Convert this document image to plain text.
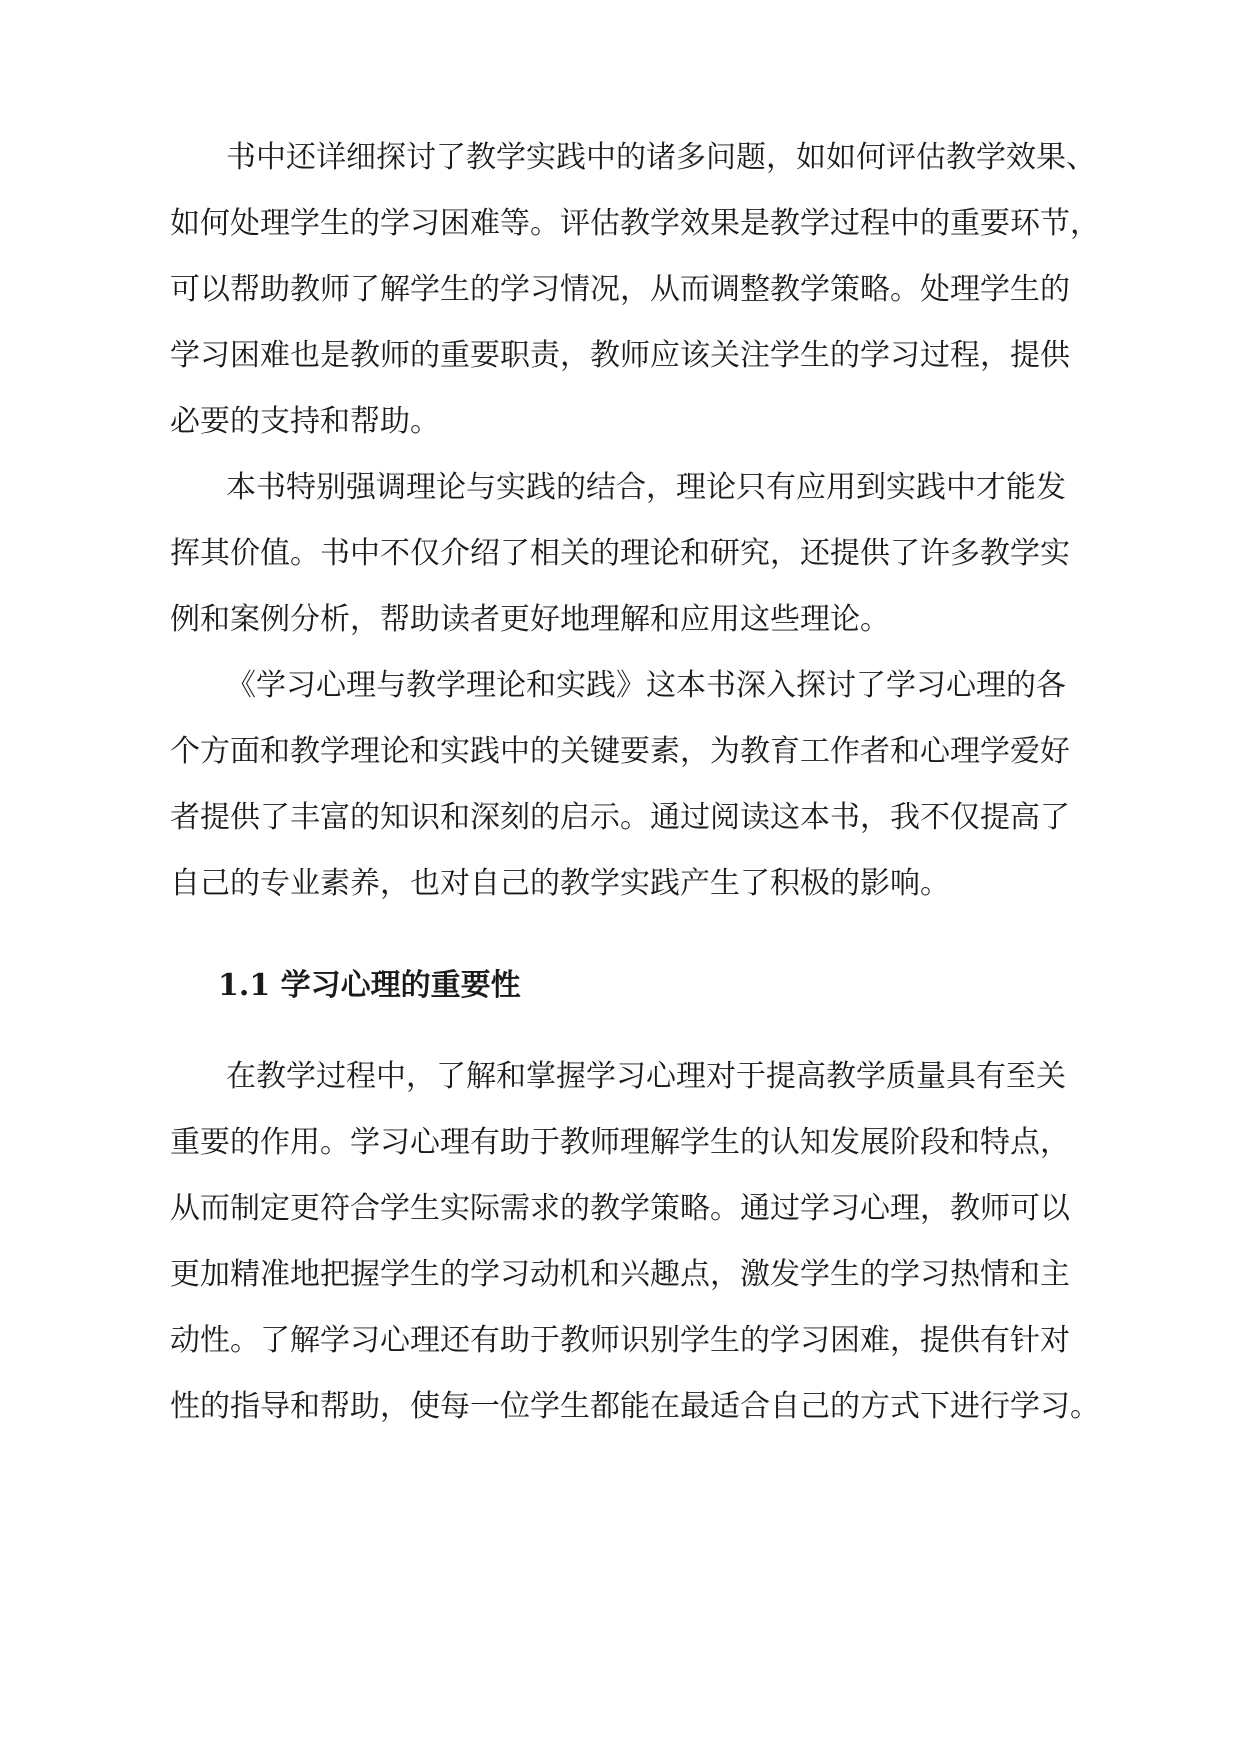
书中还详细探讨了教学实践中的诸多问题，如如何评估教学效果、
如何处理学生的学习困难等。评估教学效果是教学过程中的重要环节，
可以帮助教师了解学生的学习情况，从而调整教学策略。处理学生的
学习困难也是教师的重要职责，教师应该关注学生的学习过程，提供
必要的支持和帮助。
本书特别强调理论与实践的结合，理论只有应用到实践中才能发
挥其价值。书中不仅介绍了相关的理论和研究，还提供了许多教学实
例和案例分析，帮助读者更好地理解和应用这些理论。
《学习心理与教学理论和实践》这本书深入探讨了学习心理的各
个方面和教学理论和实践中的关键要素，为教育工作者和心理学爱好
者提供了丰富的知识和深刻的启示。通过阅读这本书，我不仅提高了
自己的专业素养，也对自己的教学实践产生了积极的影响。
1.1 学习心理的重要性
在教学过程中，了解和掌握学习心理对于提高教学质量具有至关
重要的作用。学习心理有助于教师理解学生的认知发展阶段和特点，
从而制定更符合学生实际需求的教学策略。通过学习心理，教师可以
更加精准地把握学生的学习动机和兴趣点，激发学生的学习热情和主
动性。了解学习心理还有助于教师识别学生的学习困难，提供有针对
性的指导和帮助，使每一位学生都能在最适合自己的方式下进行学习。
